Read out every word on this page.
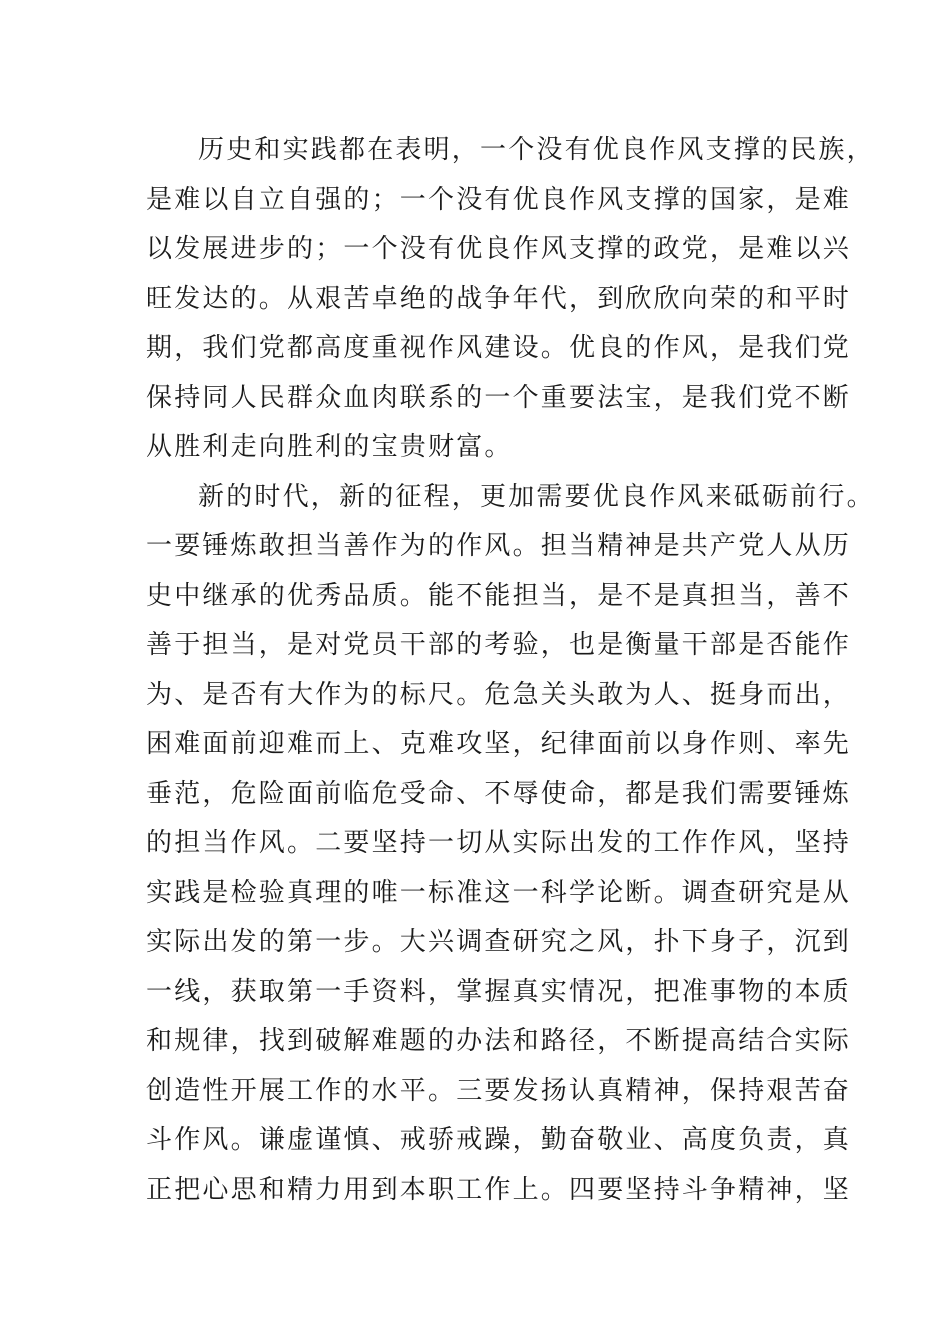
历史和实践都在表明，一个没有优良作风支撑的民族，
是难以自立自强的；一个没有优良作风支撑的国家，是难
以发展进步的；一个没有优良作风支撑的政党，是难以兴
旺发达的。从艰苦卓绝的战争年代，到欣欣向荣的和平时
期，我们党都高度重视作风建设。优良的作风，是我们党
保持同人民群众血肉联系的一个重要法宝，是我们党不断
从胜利走向胜利的宝贵财富。
新的时代，新的征程，更加需要优良作风来砥砺前行。
一要锤炼敢担当善作为的作风。担当精神是共产党人从历
史中继承的优秀品质。能不能担当，是不是真担当，善不
善于担当，是对党员干部的考验，也是衡量干部是否能作
为、是否有大作为的标尺。危急关头敢为人、挺身而出，
困难面前迎难而上、克难攻坚，纪律面前以身作则、率先
垂范，危险面前临危受命、不辱使命，都是我们需要锤炼
的担当作风。二要坚持一切从实际出发的工作作风，坚持
实践是检验真理的唯一标准这一科学论断。调查研究是从
实际出发的第一步。大兴调查研究之风，扑下身子，沉到
一线，获取第一手资料，掌握真实情况，把准事物的本质
和规律，找到破解难题的办法和路径，不断提高结合实际
创造性开展工作的水平。三要发扬认真精神，保持艰苦奋
斗作风。谦虚谨慎、戒骄戒躁，勤奋敬业、高度负责，真
正把心思和精力用到本职工作上。四要坚持斗争精神，坚
